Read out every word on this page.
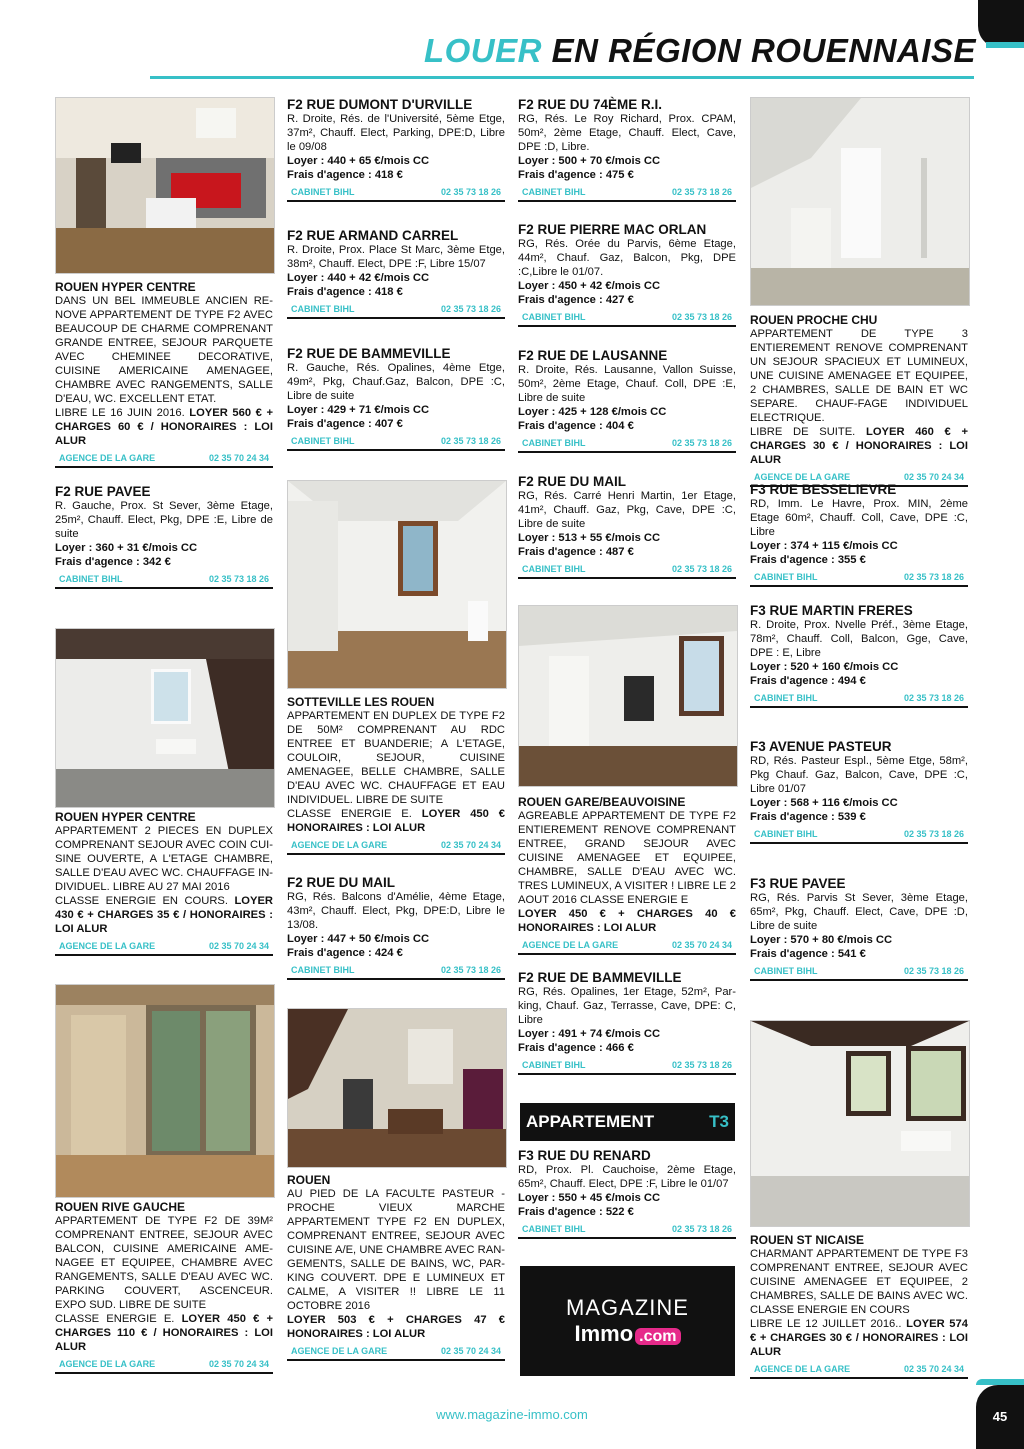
LOUER EN RÉGION ROUENNAISE
ROUEN HYPER CENTRE
DANS UN BEL IMMEUBLE ANCIEN RE-NOVE APPARTEMENT DE TYPE F2 AVEC BEAUCOUP DE CHARME COMPRENANT GRANDE ENTREE, SEJOUR PARQUETE AVEC CHEMINEE DECORATIVE, CUISINE AMERICAINE AMENAGEE, CHAMBRE AVEC RANGEMENTS, SALLE D'EAU, WC. EXCELLENT ETAT.
LIBRE LE 16 JUIN 2016. LOYER 560 € + CHARGES 60 € / HONORAIRES : LOI ALUR
AGENCE DE LA GARE	02 35 70 24 34
F2 RUE PAVEE
R. Gauche, Prox. St Sever, 3ème Etage, 25m², Chauff. Elect, Pkg, DPE :E, Libre de suite
Loyer : 360 + 31 €/mois CC
Frais d'agence : 342 €
CABINET BIHL	02 35 73 18 26
ROUEN HYPER CENTRE
APPARTEMENT 2 PIECES EN DUPLEX COMPRENANT SEJOUR AVEC COIN CUI-SINE OUVERTE, A L'ETAGE CHAMBRE, SALLE D'EAU AVEC WC. CHAUFFAGE IN-DIVIDUEL. LIBRE AU 27 MAI 2016
CLASSE ENERGIE EN COURS. LOYER 430 € + CHARGES 35 € / HONORAIRES : LOI ALUR
AGENCE DE LA GARE	02 35 70 24 34
ROUEN RIVE GAUCHE
APPARTEMENT DE TYPE F2 DE 39M² COMPRENANT ENTREE, SEJOUR AVEC BALCON, CUISINE AMERICAINE AME-NAGEE ET EQUIPEE, CHAMBRE AVEC RANGEMENTS, SALLE D'EAU AVEC WC. PARKING COUVERT, ASCENCEUR. EXPO SUD. LIBRE DE SUITE
CLASSE ENERGIE E. LOYER 450 € + CHARGES 110 € / HONORAIRES : LOI ALUR
AGENCE DE LA GARE	02 35 70 24 34
F2 RUE DUMONT D'URVILLE
R. Droite, Rés. de l'Université, 5ème Etge, 37m², Chauff. Elect, Parking, DPE:D, Libre le 09/08
Loyer : 440 + 65 €/mois CC
Frais d'agence : 418 €
CABINET BIHL	02 35 73 18 26
F2 RUE ARMAND CARREL
R. Droite, Prox. Place St Marc, 3ème Etge, 38m², Chauff. Elect, DPE :F, Libre 15/07
Loyer : 440 + 42 €/mois CC
Frais d'agence : 418 €
CABINET BIHL	02 35 73 18 26
F2 RUE DE BAMMEVILLE
R. Gauche, Rés. Opalines, 4ème Etge, 49m², Pkg, Chauf.Gaz, Balcon, DPE :C, Libre de suite
Loyer : 429 + 71 €/mois CC
Frais d'agence : 407 €
CABINET BIHL	02 35 73 18 26
SOTTEVILLE LES ROUEN
APPARTEMENT EN DUPLEX DE TYPE F2 DE 50M² COMPRENANT AU RDC ENTREE ET BUANDERIE; A L'ETAGE, COULOIR, SEJOUR, CUISINE AMENAGEE, BELLE CHAMBRE, SALLE D'EAU AVEC WC. CHAUFFAGE ET EAU INDIVIDUEL. LIBRE DE SUITE
CLASSE ENERGIE E. LOYER 450 € HONORAIRES : LOI ALUR
AGENCE DE LA GARE	02 35 70 24 34
F2 RUE DU MAIL
RG, Rés. Balcons d'Amélie, 4ème Etage, 43m², Chauff. Elect, Pkg, DPE:D, Libre le 13/08.
Loyer : 447 + 50 €/mois CC
Frais d'agence : 424 €
CABINET BIHL	02 35 73 18 26
ROUEN
AU PIED DE LA FACULTE PASTEUR - PROCHE VIEUX MARCHE APPARTEMENT TYPE F2 EN DUPLEX, COMPRENANT ENTREE, SEJOUR AVEC CUISINE A/E, UNE CHAMBRE AVEC RAN-GEMENTS, SALLE DE BAINS, WC, PAR-KING COUVERT. DPE E LUMINEUX ET CALME, A VISITER !! LIBRE LE 11 OCTOBRE 2016
LOYER 503 € + CHARGES 47 € HONORAIRES : LOI ALUR
AGENCE DE LA GARE	02 35 70 24 34
F2 RUE DU 74ÈME R.I.
RG, Rés. Le Roy Richard, Prox. CPAM, 50m², 2ème Etage, Chauff. Elect, Cave, DPE :D, Libre.
Loyer : 500 + 70 €/mois CC
Frais d'agence : 475 €
CABINET BIHL	02 35 73 18 26
F2 RUE PIERRE MAC ORLAN
RG, Rés. Orée du Parvis, 6ème Etage, 44m², Chauf. Gaz, Balcon, Pkg, DPE :C,Libre le 01/07.
Loyer : 450 + 42 €/mois CC
Frais d'agence : 427 €
CABINET BIHL	02 35 73 18 26
F2 RUE DE LAUSANNE
R. Droite, Rés. Lausanne, Vallon Suisse, 50m², 2ème Etage, Chauf. Coll, DPE :E, Libre de suite
Loyer : 425 + 128 €/mois CC
Frais d'agence : 404 €
CABINET BIHL	02 35 73 18 26
F2 RUE DU MAIL
RG, Rés. Carré Henri Martin, 1er Etage, 41m², Chauff. Gaz, Pkg, Cave, DPE :C, Libre de suite
Loyer : 513 + 55 €/mois CC
Frais d'agence : 487 €
CABINET BIHL	02 35 73 18 26
ROUEN GARE/BEAUVOISINE
AGREABLE APPARTEMENT DE TYPE F2 ENTIEREMENT RENOVE COMPRENANT ENTREE, GRAND SEJOUR AVEC CUISINE AMENAGEE ET EQUIPEE, CHAMBRE, SALLE D'EAU AVEC WC. TRES LUMINEUX, A VISITER ! LIBRE LE 2 AOUT 2016 CLASSE ENERGIE E
LOYER 450 € + CHARGES 40 € HONORAIRES : LOI ALUR
AGENCE DE LA GARE	02 35 70 24 34
F2 RUE DE BAMMEVILLE
RG, Rés. Opalines, 1er Etage, 52m², Par-king, Chauf. Gaz, Terrasse, Cave, DPE: C, Libre
Loyer : 491 + 74 €/mois CC
Frais d'agence : 466 €
CABINET BIHL	02 35 73 18 26
APPARTEMENT	T3
F3 RUE DU RENARD
RD, Prox. Pl. Cauchoise, 2ème Etage, 65m², Chauff. Elect, DPE :F, Libre le 01/07
Loyer : 550 + 45 €/mois CC
Frais d'agence : 522 €
CABINET BIHL	02 35 73 18 26
MAGAZINE
Immo .com
ROUEN PROCHE CHU
APPARTEMENT DE TYPE 3 ENTIEREMENT RENOVE COMPRENANT UN SEJOUR SPACIEUX ET LUMINEUX, UNE CUISINE AMENAGEE ET EQUIPEE, 2 CHAMBRES, SALLE DE BAIN ET WC SEPARE. CHAUF-FAGE INDIVIDUEL ELECTRIQUE.
LIBRE DE SUITE. LOYER 460 € + CHARGES 30 € / HONORAIRES : LOI ALUR
AGENCE DE LA GARE	02 35 70 24 34
F3 RUE BESSELIEVRE
RD, Imm. Le Havre, Prox. MIN, 2ème Etage 60m², Chauff. Coll, Cave, DPE :C, Libre
Loyer : 374 + 115 €/mois CC
Frais d'agence : 355 €
CABINET BIHL	02 35 73 18 26
F3 RUE MARTIN FRERES
R. Droite, Prox. Nvelle Préf., 3ème Etage, 78m², Chauff. Coll, Balcon, Gge, Cave, DPE : E, Libre
Loyer : 520 + 160 €/mois CC
Frais d'agence : 494 €
CABINET BIHL	02 35 73 18 26
F3 AVENUE PASTEUR
RD, Rés. Pasteur Espl., 5ème Etge, 58m², Pkg Chauf. Gaz, Balcon, Cave, DPE :C, Libre 01/07
Loyer : 568 + 116 €/mois CC
Frais d'agence : 539 €
CABINET BIHL	02 35 73 18 26
F3 RUE PAVEE
RG, Rés. Parvis St Sever, 3ème Etage, 65m², Pkg, Chauff. Elect, Cave, DPE :D, Libre de suite
Loyer : 570 + 80 €/mois CC
Frais d'agence : 541 €
CABINET BIHL	02 35 73 18 26
ROUEN ST NICAISE
CHARMANT APPARTEMENT DE TYPE F3 COMPRENANT ENTREE, SEJOUR AVEC CUISINE AMENAGEE ET EQUIPEE, 2 CHAMBRES, SALLE DE BAINS AVEC WC. CLASSE ENERGIE EN COURS
LIBRE LE 12 JUILLET 2016.. LOYER 574 € + CHARGES 30 € / HONORAIRES : LOI ALUR
AGENCE DE LA GARE	02 35 70 24 34
www.magazine-immo.com	45
